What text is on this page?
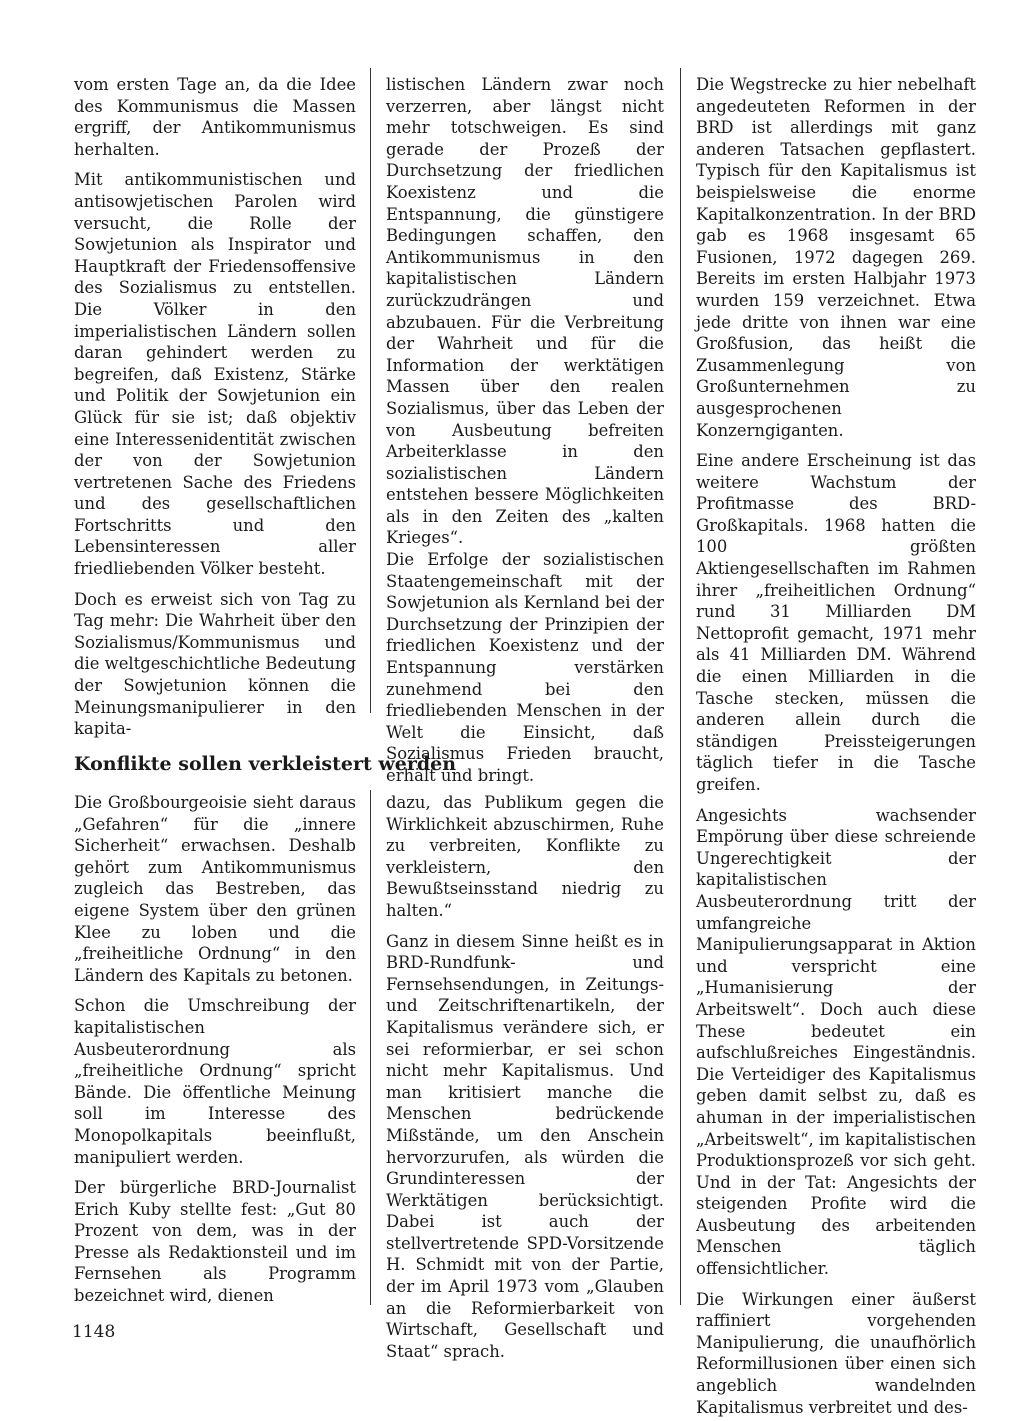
vom ersten Tage an, da die Idee des Kommunismus die Massen ergriff, der Antikommunismus herhalten.

Mit antikommunistischen und antisowjetischen Parolen wird versucht, die Rolle der Sowjetunion als Inspirator und Hauptkraft der Friedensoffensive des Sozialismus zu entstellen. Die Völker in den imperialistischen Ländern sollen daran gehindert werden zu begreifen, daß Existenz, Stärke und Politik der Sowjetunion ein Glück für sie ist; daß objektiv eine Interessenidentität zwischen der von der Sowjetunion vertretenen Sache des Friedens und des gesellschaftlichen Fortschritts und den Lebensinteressen aller friedliebenden Völker besteht.

Doch es erweist sich von Tag zu Tag mehr: Die Wahrheit über den Sozialismus/Kommunismus und die weltgeschichtliche Bedeutung der Sowjetunion können die Meinungsmanipulierer in den kapita-

listischen Ländern zwar noch verzerren, aber längst nicht mehr totschweigen. Es sind gerade der Prozeß der Durchsetzung der friedlichen Koexistenz und die Entspannung, die günstigere Bedingungen schaffen, den Antikommunismus in den kapitalistischen Ländern zurückzudrängen und abzubauen. Für die Verbreitung der Wahrheit und für die Information der werktätigen Massen über den realen Sozialismus, über das Leben der von Ausbeutung befreiten Arbeiterklasse in den sozialistischen Ländern entstehen bessere Möglichkeiten als in den Zeiten des „kalten Krieges“.

Die Erfolge der sozialistischen Staatengemeinschaft mit der Sowjetunion als Kernland bei der Durchsetzung der Prinzipien der friedlichen Koexistenz und der Entspannung verstärken zunehmend bei den friedliebenden Menschen in der Welt die Einsicht, daß Sozialismus Frieden braucht, erhält und bringt.

Konflikte sollen verkleistert werden

Die Großbourgeoisie sieht daraus „Gefahren“ für die „innere Sicherheit“ erwachsen. Deshalb gehört zum Antikommunismus zugleich das Bestreben, das eigene System über den grünen Klee zu loben und die „freiheitliche Ordnung“ in den Ländern des Kapitals zu betonen.

Schon die Umschreibung der kapitalistischen Ausbeuterordnung als „freiheitliche Ordnung“ spricht Bände. Die öffentliche Meinung soll im Interesse des Monopolkapitals beeinflußt, manipuliert werden.

Der bürgerliche BRD-Journalist Erich Kuby stellte fest: „Gut 80 Prozent von dem, was in der Presse als Redaktionsteil und im Fernsehen als Programm bezeichnet wird, dienen

dazu, das Publikum gegen die Wirklichkeit abzuschirmen, Ruhe zu verbreiten, Konflikte zu verkleistern, den Bewußtseinsstand niedrig zu halten.“

Ganz in diesem Sinne heißt es in BRD-Rundfunk- und Fernsehsendungen, in Zeitungs- und Zeitschriftenartikeln, der Kapitalismus verändere sich, er sei reformierbar, er sei schon nicht mehr Kapitalismus. Und man kritisiert manche die Menschen bedrückende Mißstände, um den Anschein hervorzurufen, als würden die Grundinteressen der Werktätigen berücksichtigt. Dabei ist auch der stellvertretende SPD-Vorsitzende H. Schmidt mit von der Partie, der im April 1973 vom „Glauben an die Reformierbarkeit von Wirtschaft, Gesellschaft und Staat“ sprach.

Die Wegstrecke zu hier nebelhaft angedeuteten Reformen in der BRD ist allerdings mit ganz anderen Tatsachen gepflastert. Typisch für den Kapitalismus ist beispielsweise die enorme Kapitalkonzentration. In der BRD gab es 1968 insgesamt 65 Fusionen, 1972 dagegen 269. Bereits im ersten Halbjahr 1973 wurden 159 verzeichnet. Etwa jede dritte von ihnen war eine Großfusion, das heißt die Zusammenlegung von Großunternehmen zu ausgesprochenen Konzerngiganten.

Eine andere Erscheinung ist das weitere Wachstum der Profitmasse des BRD-Großkapitals. 1968 hatten die 100 größten Aktiengesellschaften im Rahmen ihrer „freiheitlichen Ordnung“ rund 31 Milliarden DM Nettoprofit gemacht, 1971 mehr als 41 Milliarden DM. Während die einen Milliarden in die Tasche stecken, müssen die anderen allein durch die ständigen Preissteigerungen täglich tiefer in die Tasche greifen.

Angesichts wachsender Empörung über diese schreiende Ungerechtigkeit der kapitalistischen Ausbeuterordnung tritt der umfangreiche Manipulierungsapparat in Aktion und verspricht eine „Humanisierung der Arbeitswelt“. Doch auch diese These bedeutet ein aufschlußreiches Eingeständnis. Die Verteidiger des Kapitalismus geben damit selbst zu, daß es ahuman in der imperialistischen „Arbeitswelt“, im kapitalistischen Produktionsprozeß vor sich geht. Und in der Tat: Angesichts der steigenden Profite wird die Ausbeutung des arbeitenden Menschen täglich offensichtlicher.

Die Wirkungen einer äußerst raffiniert vorgehenden Manipulierung, die unaufhörlich Reformillusionen über einen sich angeblich wandelnden Kapitalismus verbreitet und des-

1148
